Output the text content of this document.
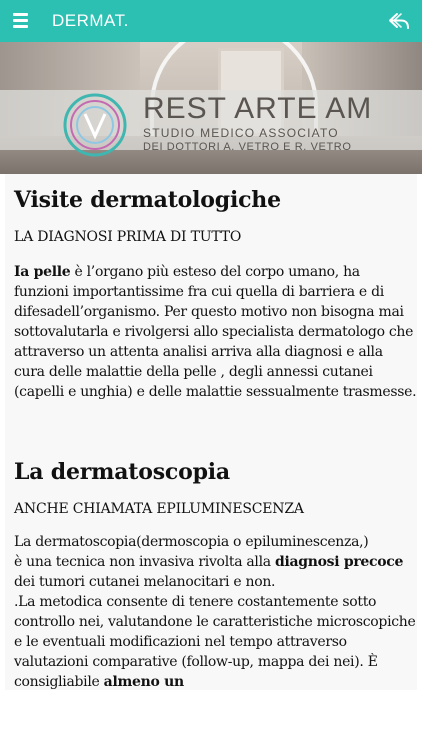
DERMAT.
REST ARTE AM
STUDIO MEDICO ASSOCIATO
DEI DOTTORI A. VETRO E R. VETRO
Visite dermatologiche
LA DIAGNOSI PRIMA DI TUTTO

Ia pelle è l’organo più esteso del corpo umano, ha funzioni importantissime fra cui quella di barriera e di difesadell’organismo. Per questo motivo non bisogna mai sottovalutarla e rivolgersi allo specialista dermatologo che attraverso un attenta analisi arriva alla diagnosi e alla cura delle malattie della pelle , degli annessi cutanei (capelli e unghia) e delle malattie sessualmente trasmesse.

La dermatoscopia
ANCHE CHIAMATA EPILUMINESCENZA

La dermatoscopia(dermoscopia o epiluminescenza,)
è una tecnica non invasiva rivolta alla diagnosi precoce dei tumori cutanei melanocitari e non.
.La metodica consente di tenere costantemente sotto controllo nei, valutandone le caratteristiche microscopiche e le eventuali modificazioni nel tempo attraverso valutazioni comparative (follow-up, mappa dei nei). È consigliabile almeno un
